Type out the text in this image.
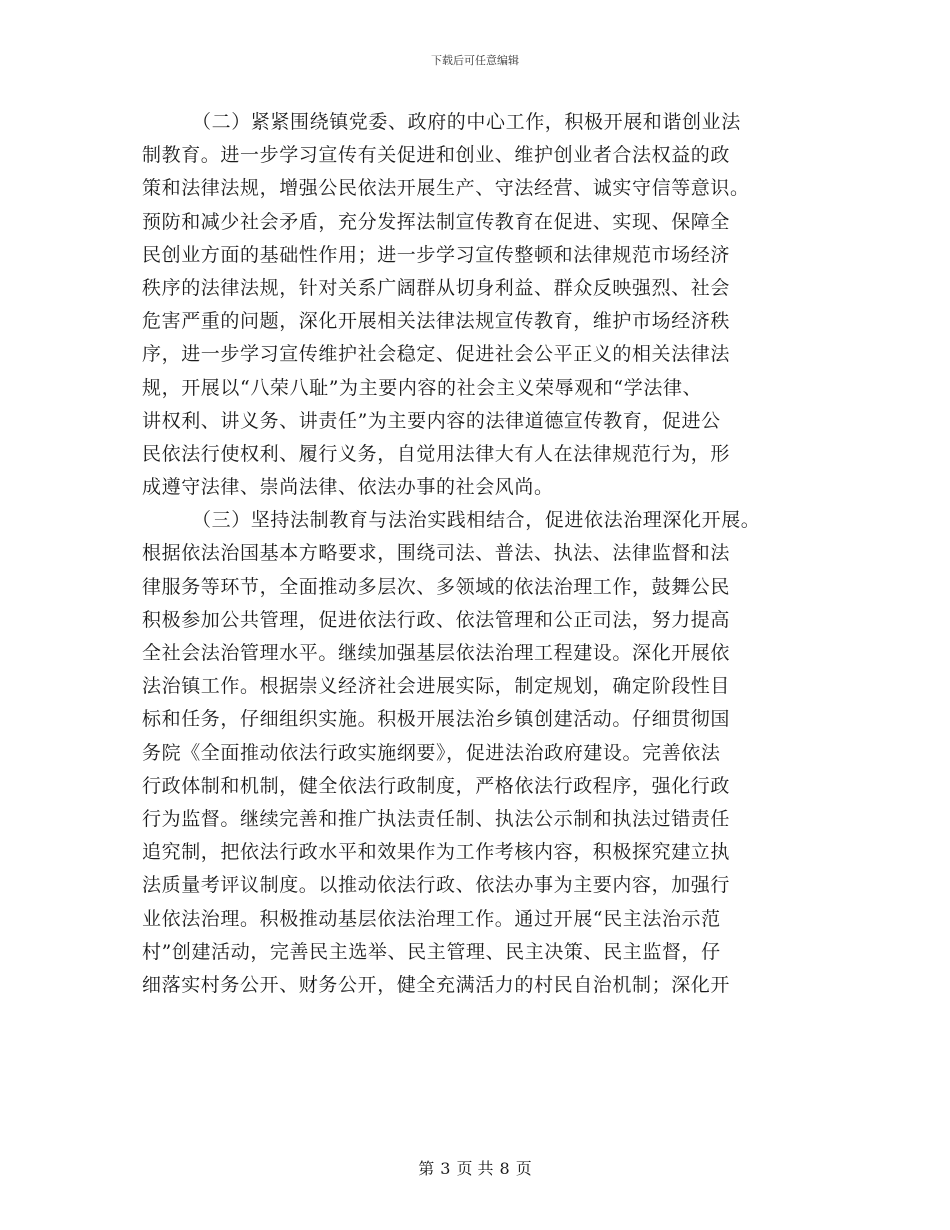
下载后可任意编辑
（二）紧紧围绕镇党委、政府的中心工作，积极开展和谐创业法
制教育。进一步学习宣传有关促进和创业、维护创业者合法权益的政
策和法律法规，增强公民依法开展生产、守法经营、诚实守信等意识。
预防和减少社会矛盾，充分发挥法制宣传教育在促进、实现、保障全
民创业方面的基础性作用；进一步学习宣传整顿和法律规范市场经济
秩序的法律法规，针对关系广阔群从切身利益、群众反映强烈、社会
危害严重的问题，深化开展相关法律法规宣传教育，维护市场经济秩
序，进一步学习宣传维护社会稳定、促进社会公平正义的相关法律法
规，开展以“八荣八耻”为主要内容的社会主义荣辱观和“学法律、
讲权利、讲义务、讲责任”为主要内容的法律道德宣传教育，促进公
民依法行使权利、履行义务，自觉用法律大有人在法律规范行为，形
成遵守法律、崇尚法律、依法办事的社会风尚。
（三）坚持法制教育与法治实践相结合，促进依法治理深化开展。
根据依法治国基本方略要求，围绕司法、普法、执法、法律监督和法
律服务等环节，全面推动多层次、多领域的依法治理工作，鼓舞公民
积极参加公共管理，促进依法行政、依法管理和公正司法，努力提高
全社会法治管理水平。继续加强基层依法治理工程建设。深化开展依
法治镇工作。根据崇义经济社会进展实际，制定规划，确定阶段性目
标和任务，仔细组织实施。积极开展法治乡镇创建活动。仔细贯彻国
务院《全面推动依法行政实施纲要》，促进法治政府建设。完善依法
行政体制和机制，健全依法行政制度，严格依法行政程序，强化行政
行为监督。继续完善和推广执法责任制、执法公示制和执法过错责任
追究制，把依法行政水平和效果作为工作考核内容，积极探究建立执
法质量考评议制度。以推动依法行政、依法办事为主要内容，加强行
业依法治理。积极推动基层依法治理工作。通过开展“民主法治示范
村”创建活动，完善民主选举、民主管理、民主决策、民主监督，仔
细落实村务公开、财务公开，健全充满活力的村民自治机制；深化开
第 3 页 共 8 页
